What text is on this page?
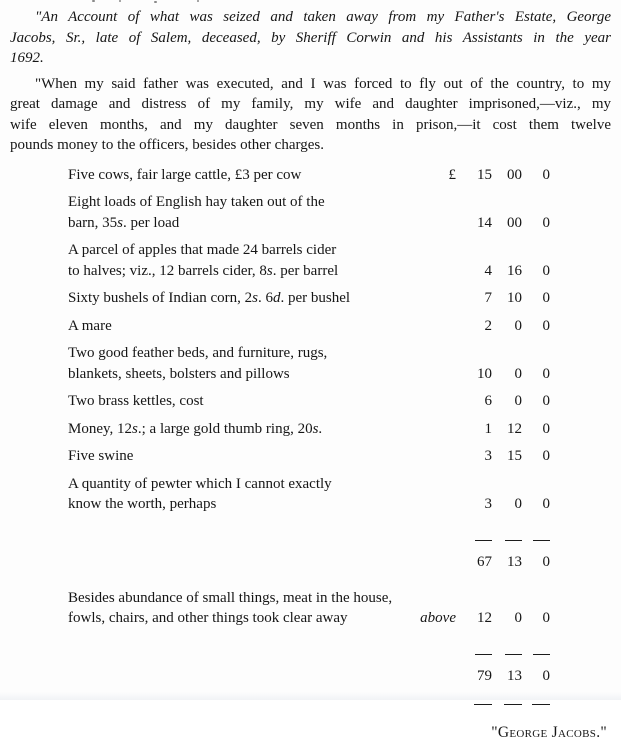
"An Account of what was seized and taken away from my Father's Estate, George
Jacobs, Sr., late of Salem, deceased, by Sheriff Corwin and his Assistants in the year
1692.

"When my said father was executed, and I was forced to fly out of the country, to my
great damage and distress of my family, my wife and daughter imprisoned,—viz., my
wife eleven months, and my daughter seven months in prison,—it cost them twelve
pounds money to the officers, besides other charges.

Five cows, fair large cattle, £3 per cow	£	15	00	0
Eight loads of English hay taken out of the
barn, 35s. per load	14	00	0
A parcel of apples that made 24 barrels cider
to halves; viz., 12 barrels cider, 8s. per barrel	4	16	0
Sixty bushels of Indian corn, 2s. 6d. per bushel	7	10	0
A mare	2	0	0
Two good feather beds, and furniture, rugs,
blankets, sheets, bolsters and pillows	10	0	0
Two brass kettles, cost	6	0	0
Money, 12s.; a large gold thumb ring, 20s.	1	12	0
Five swine	3	15	0
A quantity of pewter which I cannot exactly
know the worth, perhaps	3	0	0
67	13	0
Besides abundance of small things, meat in the house,
fowls, chairs, and other things took clear away	above	12	0	0
79	13	0
"George Jacobs."
